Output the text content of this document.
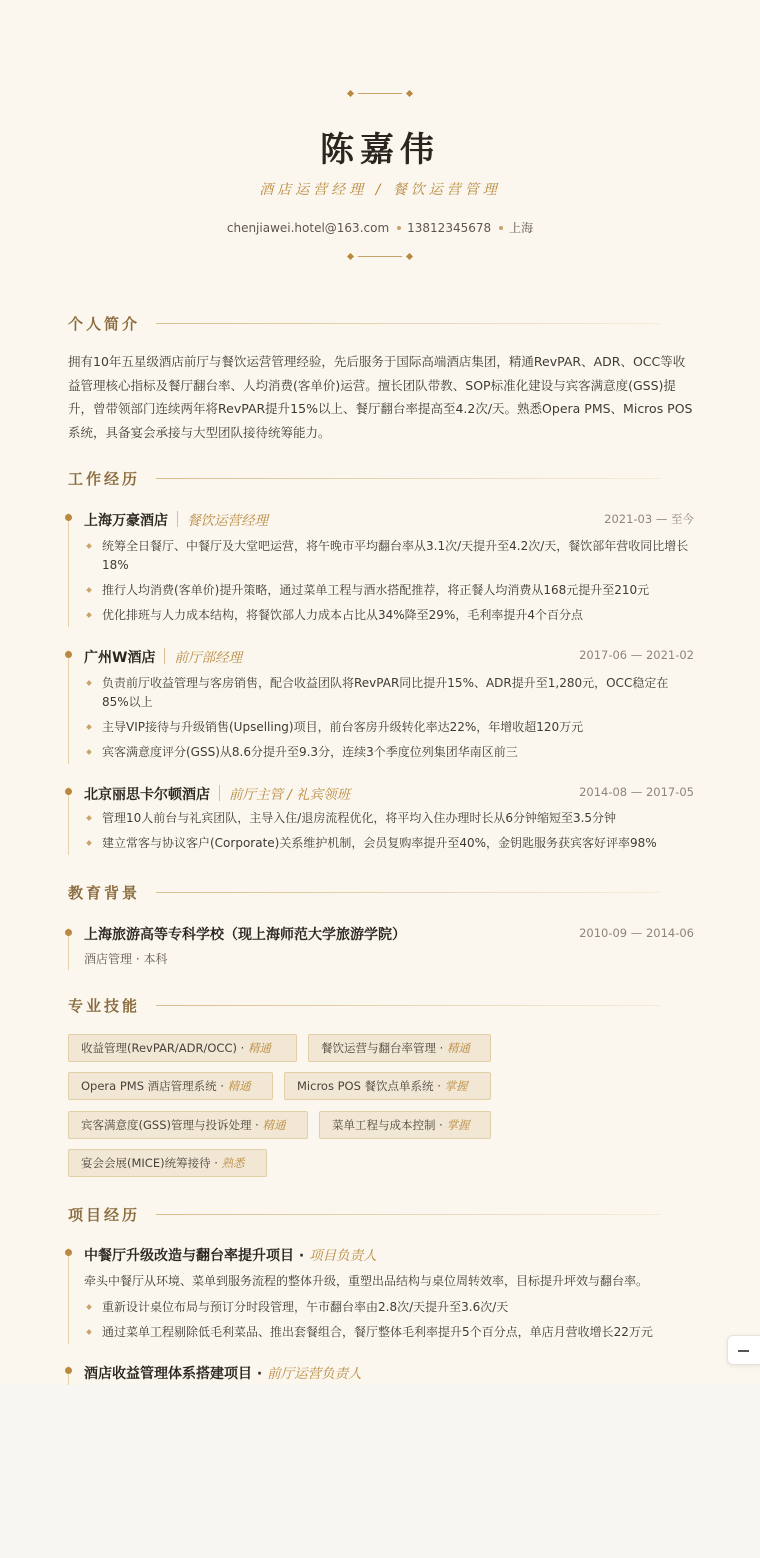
陈嘉伟
酒店运营经理 / 餐饮运营管理
chenjiawei.hotel@163.com 13812345678 上海
个人简介
拥有10年五星级酒店前厅与餐饮运营管理经验，先后服务于国际高端酒店集团，精通RevPAR、ADR、OCC等收益管理核心指标及餐厅翻台率、人均消费(客单价)运营。擅长团队带教、SOP标准化建设与宾客满意度(GSS)提升，曾带领部门连续两年将RevPAR提升15%以上、餐厅翻台率提高至4.2次/天。熟悉Opera PMS、Micros POS系统，具备宴会承接与大型团队接待统筹能力。
工作经历
上海万豪酒店 餐饮运营经理	2021-03 — 至今
统筹全日餐厅、中餐厅及大堂吧运营，将午晚市平均翻台率从3.1次/天提升至4.2次/天，餐饮部年营收同比增长18%
推行人均消费(客单价)提升策略，通过菜单工程与酒水搭配推荐，将正餐人均消费从168元提升至210元
优化排班与人力成本结构，将餐饮部人力成本占比从34%降至29%，毛利率提升4个百分点
广州W酒店 前厅部经理	2017-06 — 2021-02
负责前厅收益管理与客房销售，配合收益团队将RevPAR同比提升15%、ADR提升至1,280元，OCC稳定在85%以上
主导VIP接待与升级销售(Upselling)项目，前台客房升级转化率达22%，年增收超120万元
宾客满意度评分(GSS)从8.6分提升至9.3分，连续3个季度位列集团华南区前三
北京丽思卡尔顿酒店 前厅主管 / 礼宾领班	2014-08 — 2017-05
管理10人前台与礼宾团队，主导入住/退房流程优化，将平均入住办理时长从6分钟缩短至3.5分钟
建立常客与协议客户(Corporate)关系维护机制，会员复购率提升至40%，金钥匙服务获宾客好评率98%
教育背景
上海旅游高等专科学校（现上海师范大学旅游学院）	2010-09 — 2014-06
酒店管理 · 本科
专业技能
收益管理(RevPAR/ADR/OCC) · 精通	餐饮运营与翻台率管理 · 精通
Opera PMS 酒店管理系统 · 精通	Micros POS 餐饮点单系统 · 掌握
宾客满意度(GSS)管理与投诉处理 · 精通	菜单工程与成本控制 · 掌握
宴会会展(MICE)统筹接待 · 熟悉
项目经历
中餐厅升级改造与翻台率提升项目 · 项目负责人
牵头中餐厅从环境、菜单到服务流程的整体升级，重塑出品结构与桌位周转效率，目标提升坪效与翻台率。
重新设计桌位布局与预订分时段管理，午市翻台率由2.8次/天提升至3.6次/天
通过菜单工程剔除低毛利菜品、推出套餐组合，餐厅整体毛利率提升5个百分点，单店月营收增长22万元
酒店收益管理体系搭建项目 · 前厅运营负责人
